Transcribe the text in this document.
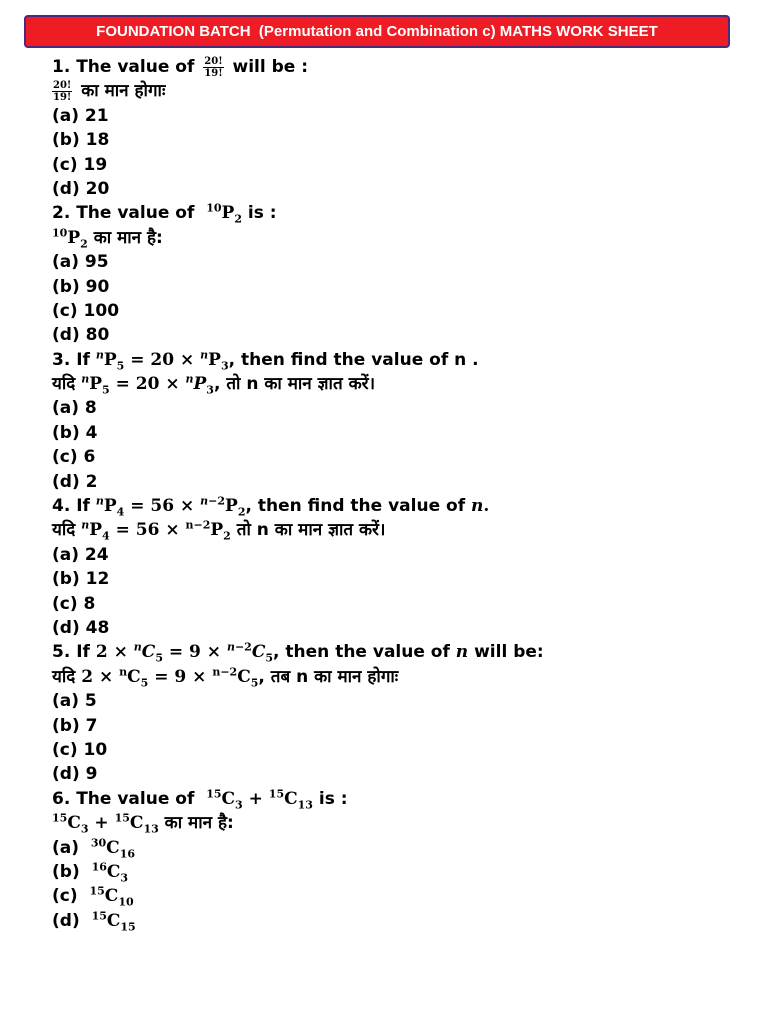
FOUNDATION BATCH  (Permutation and Combination c) MATHS WORK SHEET
1. The value of $\frac{20!}{19!}$ will be :
$\frac{20!}{19!}$ का मान होगाः
(a) 21
(b) 18
(c) 19
(d) 20
2. The value of $^{10}P_2$ is :
$^{10}P_2$ का मान है:
(a) 95
(b) 90
(c) 100
(d) 80
3. If $^nP_5 = 20 \times ^nP_3$, then find the value of n .
यदि $^nP_5 = 20 \times ^nP_3$, तो n का मान ज्ञात करें।
(a) 8
(b) 4
(c) 6
(d) 2
4. If $^nP_4 = 56 \times ^{n-2}P_2$, then find the value of n.
यदि $^nP_4 = 56 \times ^{n-2}P_2$ तो n का मान ज्ञात करें।
(a) 24
(b) 12
(c) 8
(d) 48
5. If $2 \times ^nC_5 = 9 \times ^{n-2}C_5$, then the value of n will be:
यदि $2 \times ^nC_5 = 9 \times ^{n-2}C_5$, तब n का मान होगाः
(a) 5
(b) 7
(c) 10
(d) 9
6. The value of $^{15}C_3 + ^{15}C_{13}$ is :
$^{15}C_3 + ^{15}C_{13}$ का मान है:
(a) $^{30}C_{16}$
(b) $^{16}C_3$
(c) $^{15}C_{10}$
(d) $^{15}C_{15}$
